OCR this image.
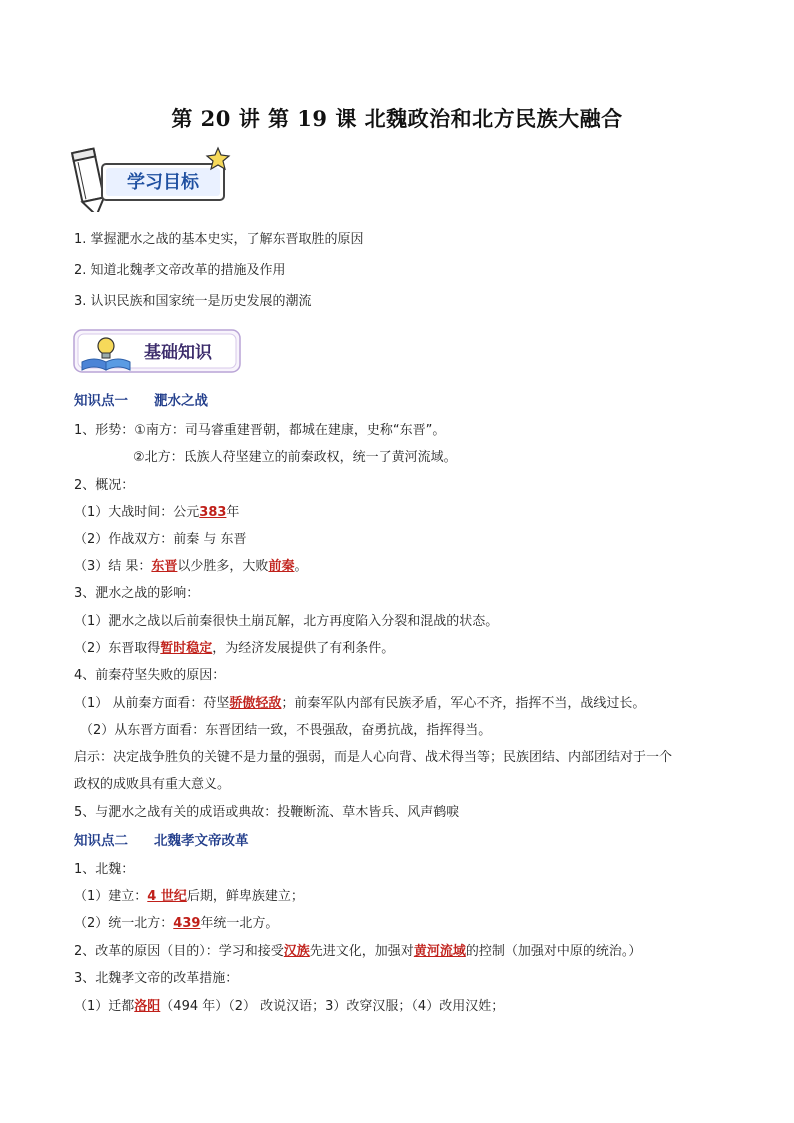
第 20 讲 第 19 课 北魏政治和北方民族大融合
学习目标
1. 掌握淝水之战的基本史实，了解东晋取胜的原因
2. 知道北魏孝文帝改革的措施及作用
3. 认识民族和国家统一是历史发展的潮流
基础知识
知识点一 淝水之战
1、形势：①南方：司马睿重建晋朝，都城在建康，史称“东晋”。
②北方：氐族人苻坚建立的前秦政权，统一了黄河流域。
2、概况：
（1）大战时间：公元383年
（2）作战双方：前秦 与 东晋
（3）结 果：东晋以少胜多，大败前秦。
3、淝水之战的影响：
（1）淝水之战以后前秦很快土崩瓦解，北方再度陷入分裂和混战的状态。
（2）东晋取得暂时稳定，为经济发展提供了有利条件。
4、前秦苻坚失败的原因：
（1） 从前秦方面看：苻坚骄傲轻敌；前秦军队内部有民族矛盾，军心不齐，指挥不当，战线过长。
（2）从东晋方面看：东晋团结一致，不畏强敌，奋勇抗战，指挥得当。
启示：决定战争胜负的关键不是力量的强弱，而是人心向背、战术得当等；民族团结、内部团结对于一个
政权的成败具有重大意义。
5、与淝水之战有关的成语或典故：投鞭断流、草木皆兵、风声鹤唳
知识点二 北魏孝文帝改革
1、北魏：
（1）建立：4 世纪后期，鲜卑族建立；
（2）统一北方：439年统一北方。
2、改革的原因（目的）：学习和接受汉族先进文化，加强对黄河流域的控制（加强对中原的统治。）
3、北魏孝文帝的改革措施：
（1）迁都洛阳（494 年）（2） 改说汉语；3）改穿汉服；（4）改用汉姓；
